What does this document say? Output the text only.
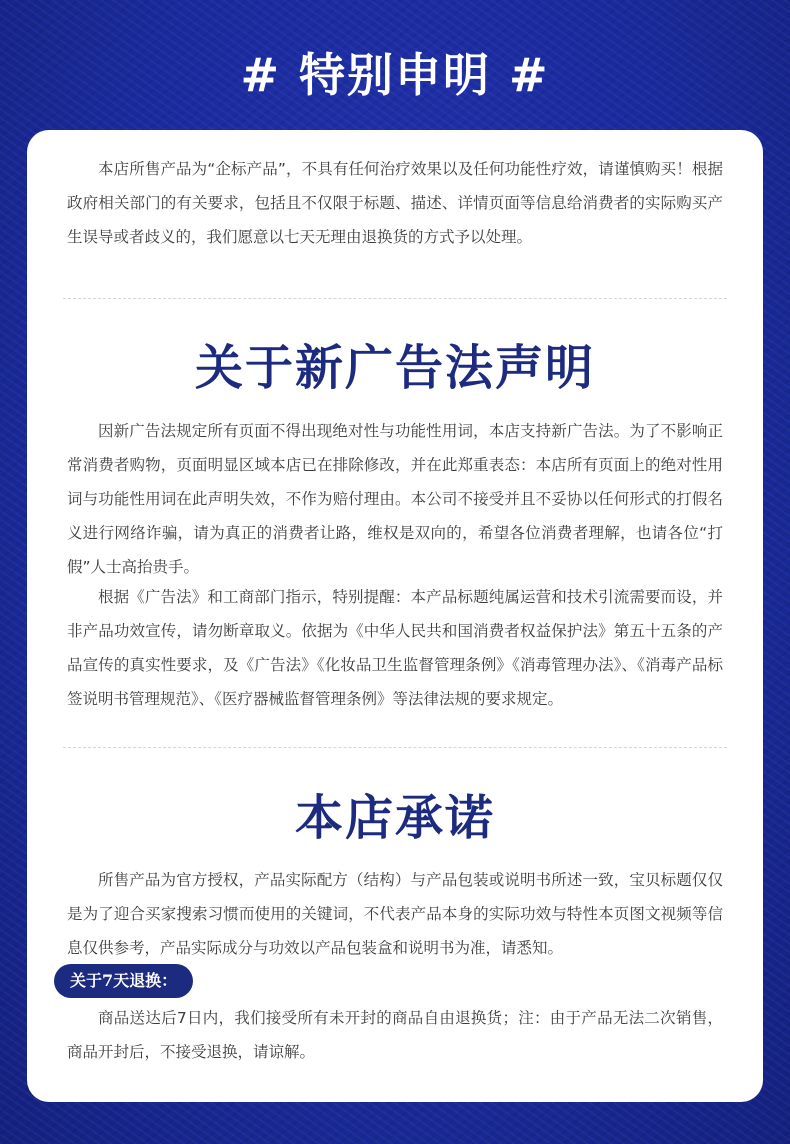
# 特别申明 #

本店所售产品为“企标产品”，不具有任何治疗效果以及任何功能性疗效，请谨慎购买！根据政府相关部门的有关要求，包括且不仅限于标题、描述、详情页面等信息给消费者的实际购买产生误导或者歧义的，我们愿意以七天无理由退换货的方式予以处理。

关于新广告法声明

因新广告法规定所有页面不得出现绝对性与功能性用词，本店支持新广告法。为了不影响正常消费者购物，页面明显区域本店已在排除修改，并在此郑重表态：本店所有页面上的绝对性用词与功能性用词在此声明失效，不作为赔付理由。本公司不接受并且不妥协以任何形式的打假名义进行网络诈骗，请为真正的消费者让路，维权是双向的，希望各位消费者理解，也请各位“打假”人士高抬贵手。

根据《广告法》和工商部门指示，特别提醒：本产品标题纯属运营和技术引流需要而设，并非产品功效宣传，请勿断章取义。依据为《中华人民共和国消费者权益保护法》第五十五条的产品宣传的真实性要求，及《广告法》《化妆品卫生监督管理条例》《消毒管理办法》、《消毒产品标签说明书管理规范》、《医疗器械监督管理条例》等法律法规的要求规定。

本店承诺

所售产品为官方授权，产品实际配方（结构）与产品包装或说明书所述一致，宝贝标题仅仅是为了迎合买家搜索习惯而使用的关键词，不代表产品本身的实际功效与特性本页图文视频等信息仅供参考，产品实际成分与功效以产品包装盒和说明书为准，请悉知。

关于7天退换：

商品送达后7日内，我们接受所有未开封的商品自由退换货；注：由于产品无法二次销售，商品开封后，不接受退换，请谅解。
